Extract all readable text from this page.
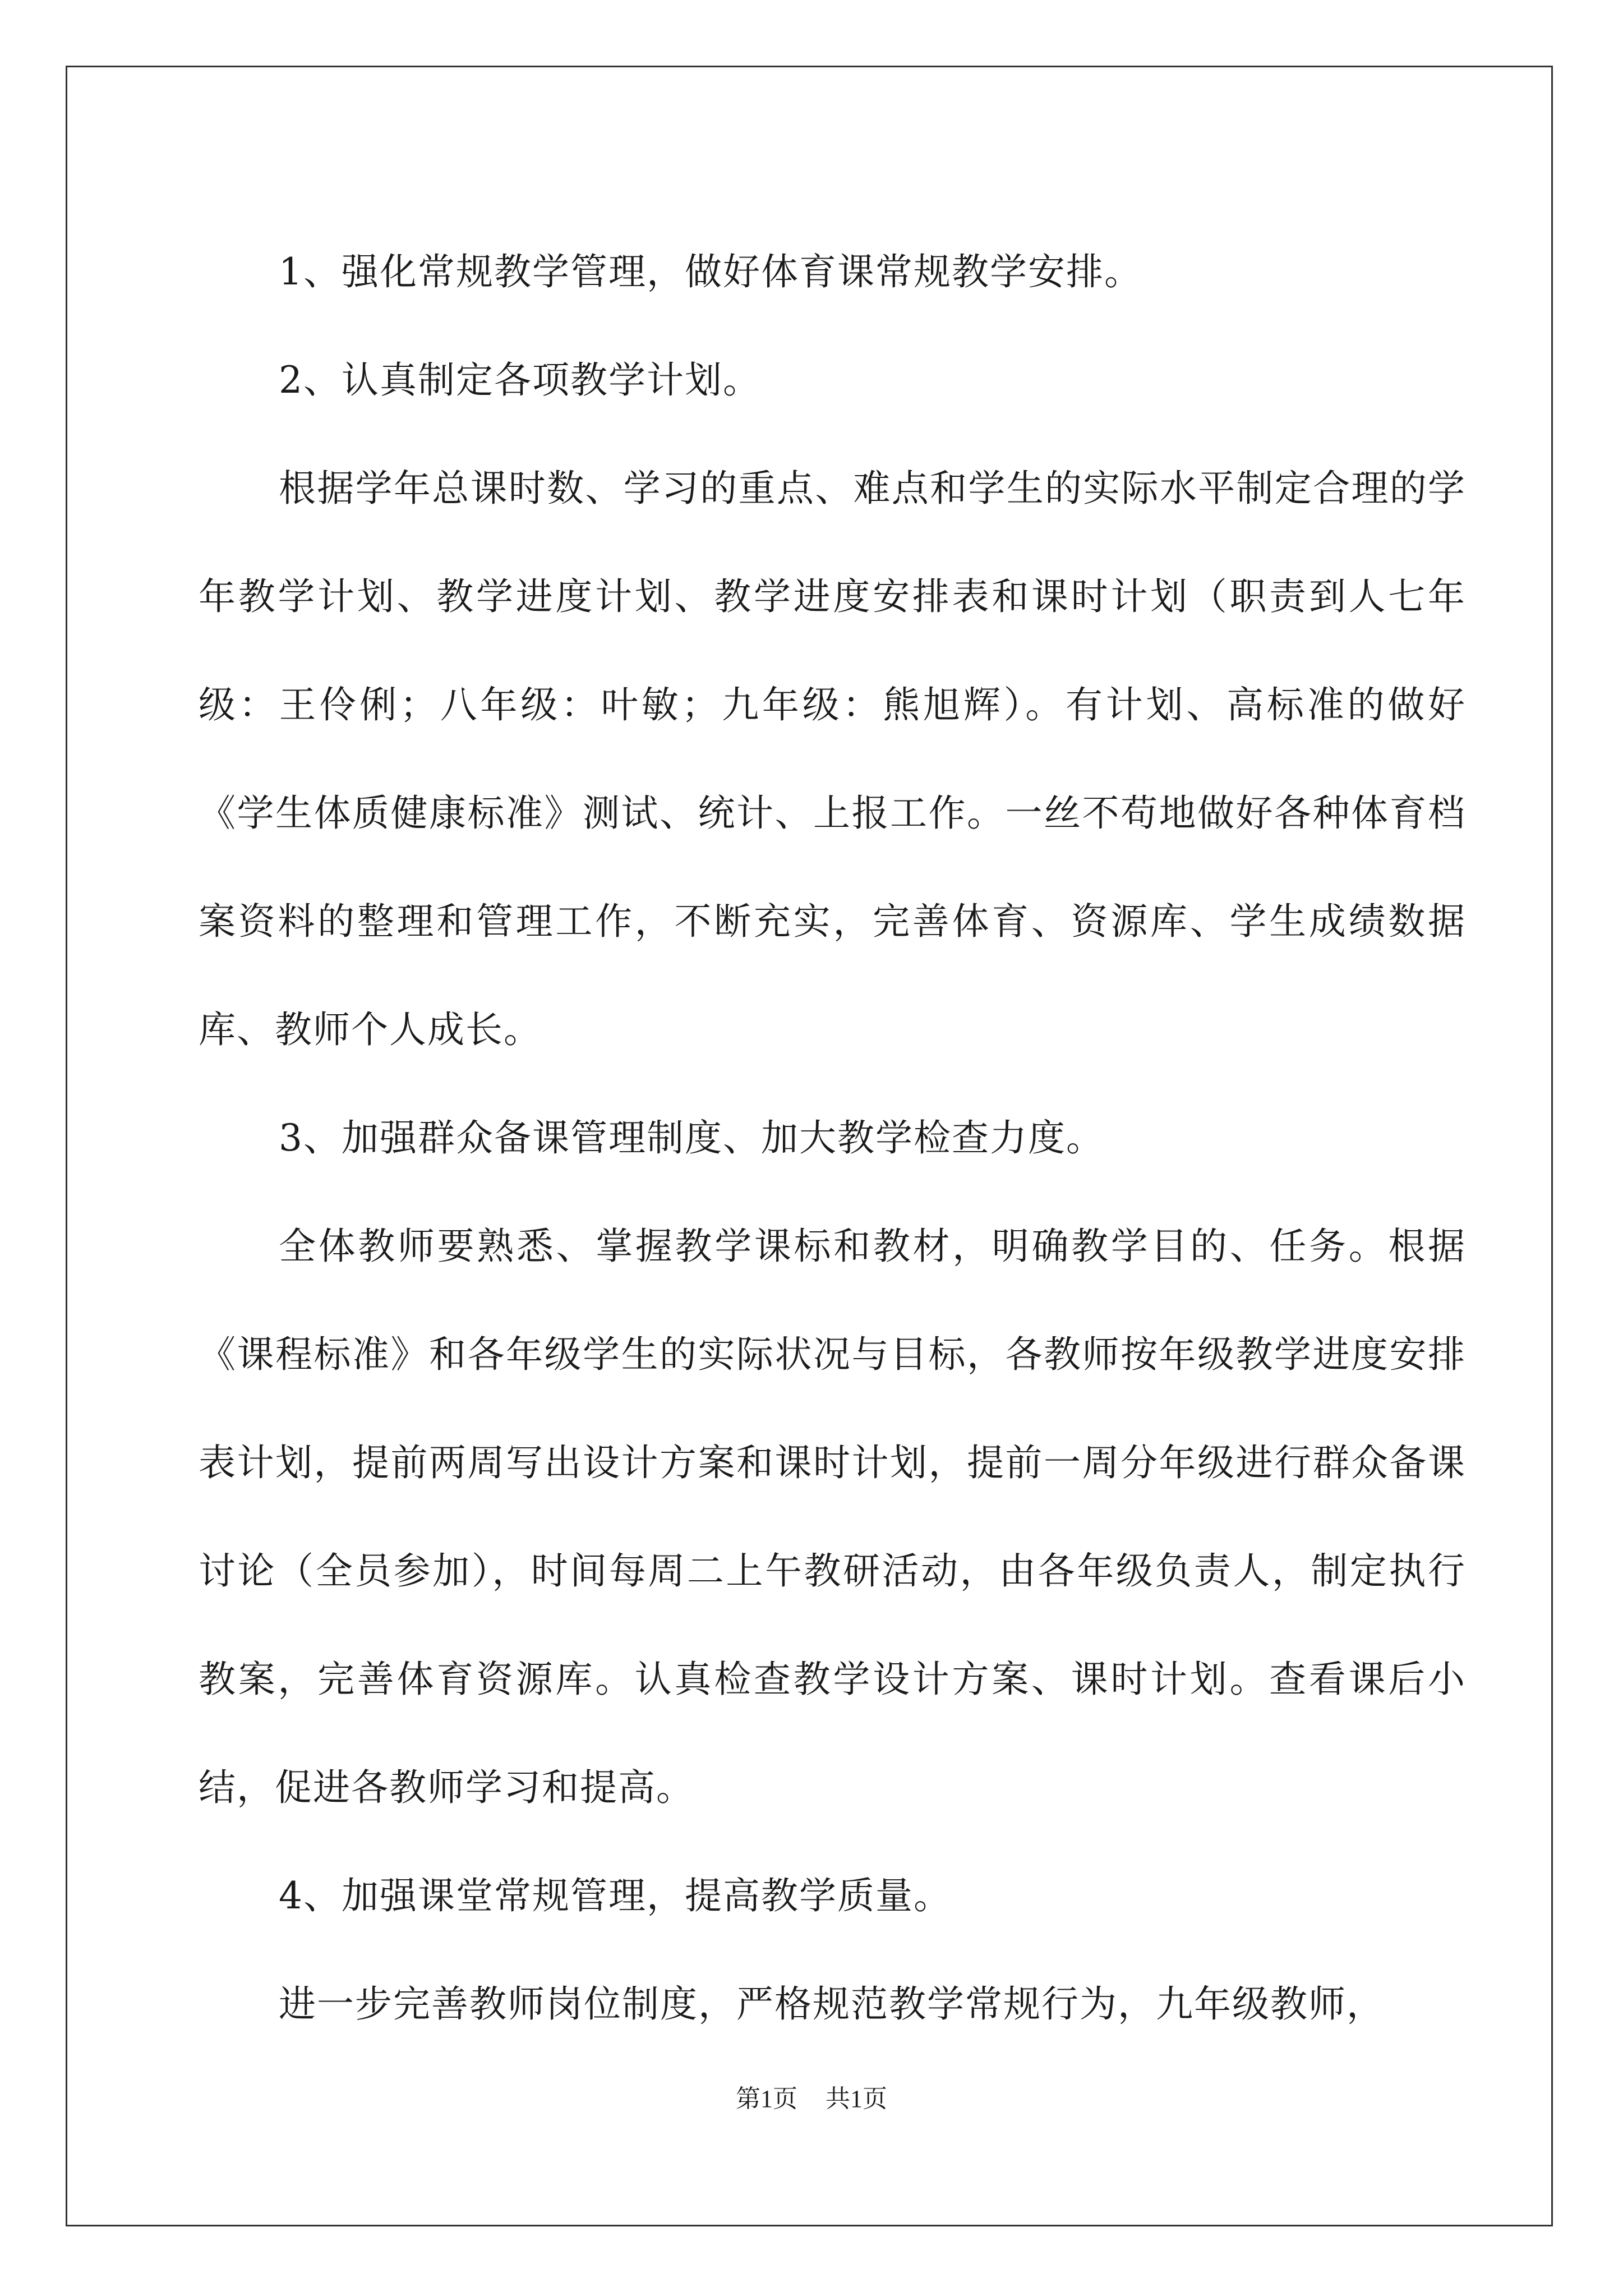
1、强化常规教学管理，做好体育课常规教学安排。

2、认真制定各项教学计划。

根据学年总课时数、学习的重点、难点和学生的实际水平制定合理的学年教学计划、教学进度计划、教学进度安排表和课时计划（职责到人七年级：王伶俐；八年级：叶敏；九年级：熊旭辉）。有计划、高标准的做好《学生体质健康标准》测试、统计、上报工作。一丝不苟地做好各种体育档案资料的整理和管理工作，不断充实，完善体育、资源库、学生成绩数据库、教师个人成长。

3、加强群众备课管理制度、加大教学检查力度。

全体教师要熟悉、掌握教学课标和教材，明确教学目的、任务。根据《课程标准》和各年级学生的实际状况与目标，各教师按年级教学进度安排表计划，提前两周写出设计方案和课时计划，提前一周分年级进行群众备课讨论（全员参加），时间每周二上午教研活动，由各年级负责人，制定执行教案，完善体育资源库。认真检查教学设计方案、课时计划。查看课后小结，促进各教师学习和提高。

4、加强课堂常规管理，提高教学质量。

进一步完善教师岗位制度，严格规范教学常规行为，九年级教师，

第1页 共1页
